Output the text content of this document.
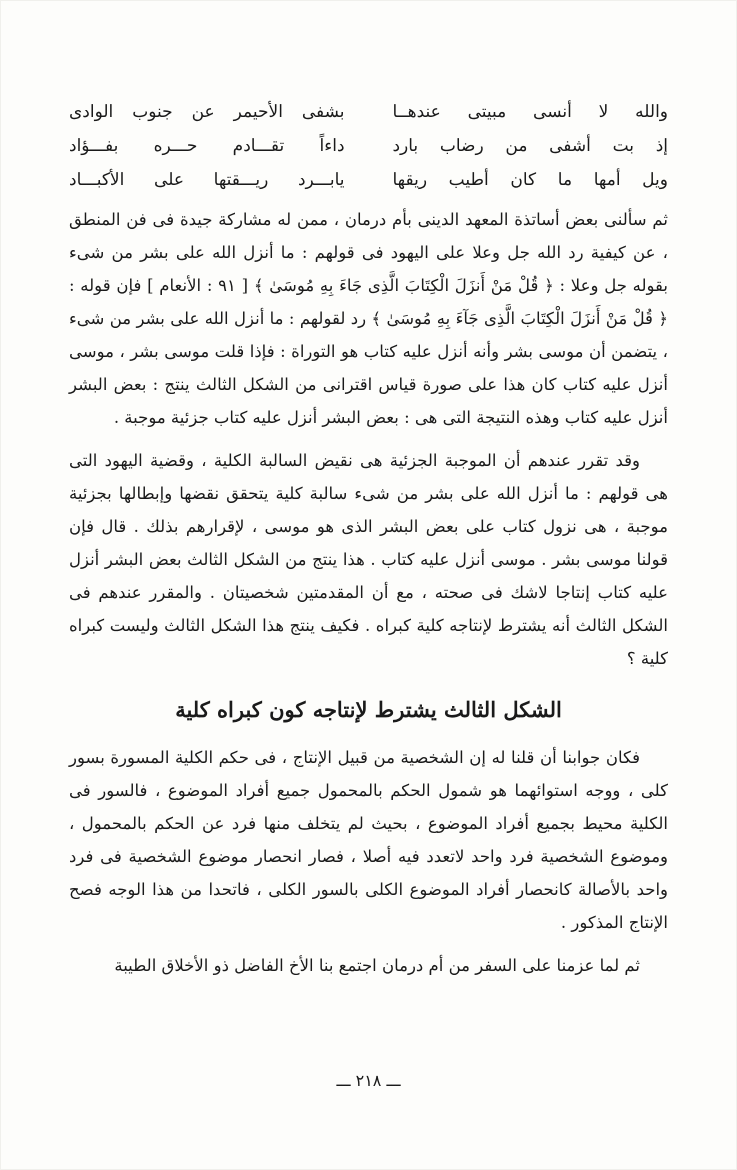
والله لا أنسى مبيتى عندهــا
بشفى الأحيمر عن جنوب الوادى
إذ بت أشفى من رضاب بارد
داءاً تقـــادم حـــره بفـــؤاد
ويل أمها ما كان أطيب ريقها
يابـــرد ريـــقتها على الأكبـــاد

ثم سألنى بعض أساتذة المعهد الدينى بأم درمان ، ممن له مشاركة جيدة فى فن المنطق ، عن كيفية رد الله جل وعلا على اليهود فى قولهم : ما أنزل الله على بشر من شىء بقوله جل وعلا : ﴿ قُلْ مَنْ أَنزَلَ الْكِتَابَ الَّذِى جَاءَ بِهِ مُوسَىٰ ﴾ [ ٩١ : الأنعام ] فإن قوله : ﴿ قُلْ مَنْ أَنزَلَ الْكِتَابَ الَّذِى جَآءَ بِهِ مُوسَىٰ ﴾ رد لقولهم : ما أنزل الله على بشر من شىء ، يتضمن أن موسى بشر وأنه أنزل عليه كتاب هو التوراة : فإذا قلت موسى بشر ، موسى أنزل عليه كتاب كان هذا على صورة قياس اقترانى من الشكل الثالث ينتج : بعض البشر أنزل عليه كتاب وهذه النتيجة التى هى : بعض البشر أنزل عليه كتاب جزئية موجبة .

وقد تقرر عندهم أن الموجبة الجزئية هى نقيض السالبة الكلية ، وقضية اليهود التى هى قولهم : ما أنزل الله على بشر من شىء سالبة كلية يتحقق نقضها وإبطالها بجزئية موجبة ، هى نزول كتاب على بعض البشر الذى هو موسى ، لإقرارهم بذلك . قال فإن قولنا موسى بشر . موسى أنزل عليه كتاب . هذا ينتج من الشكل الثالث بعض البشر أنزل عليه كتاب إنتاجا لاشك فى صحته ، مع أن المقدمتين شخصيتان . والمقرر عندهم فى الشكل الثالث أنه يشترط لإنتاجه كلية كبراه . فكيف ينتج هذا الشكل الثالث وليست كبراه كلية ؟

الشكل الثالث يشترط لإنتاجه كون كبراه كلية

فكان جوابنا أن قلنا له إن الشخصية من قبيل الإنتاج ، فى حكم الكلية المسورة بسور كلى ، ووجه استوائهما هو شمول الحكم بالمحمول جميع أفراد الموضوع ، فالسور فى الكلية محيط بجميع أفراد الموضوع ، بحيث لم يتخلف منها فرد عن الحكم بالمحمول ، وموضوع الشخصية فرد واحد لاتعدد فيه أصلا ، فصار انحصار موضوع الشخصية فى فرد واحد بالأصالة كانحصار أفراد الموضوع الكلى بالسور الكلى ، فاتحدا من هذا الوجه فصح الإنتاج المذكور .

ثم لما عزمنا على السفر من أم درمان اجتمع بنا الأخ الفاضل ذو الأخلاق الطيبة

ـــ ٢١٨ ـــ
